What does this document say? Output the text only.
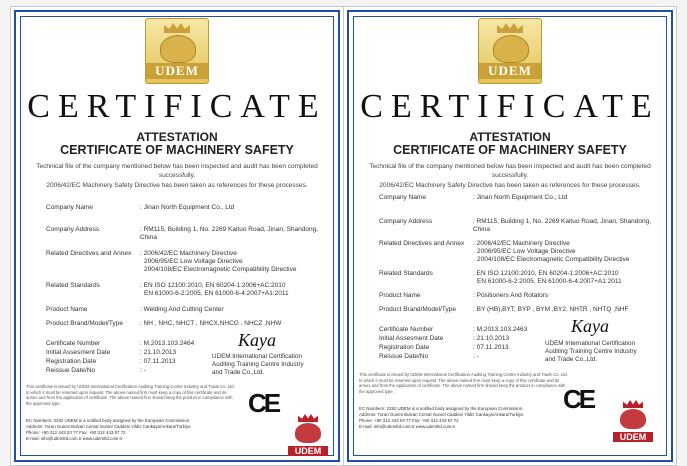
UDEM
CERTIFICATE
ATTESTATION
CERTIFICATE OF MACHINERY SAFETY
Technical file of the company mentioned below has been inspected and audit has been completed successfully.
2006/42/EC Machinery Safety Directive has been taken as references for these processes.
Company Name	: Jinan North Equipment Co., Ltd
Company Address	: RM115, Building 1, No. 2269 Kaituo Road, Jinan, Shandong, China
Related Directives and Annex	: 2006/42/EC Machinery Directive
2006/95/EC Low Voltage Directive
2004/108/EC Electromagnetic Compatibility Directive
Related Standards	: EN ISO 12100:2010, EN 60204-1:2006+AC:2010
EN 61000-6-2:2005, EN 61000-6-4:2007+A1:2011
Product Name	: Welding And Cutting Center
Product Brand/Model/Type	: NH , NHC, NHCT , NHCX,NHCG , NHCZ ,NHW
Certificate Number	: M.2013.103.2464
Initial Assesment Date	: 21.10.2013
Registration Date	: 07.11.2013
Reissue Date/No	: -
Kaya
UDEM International Certification
Auditing Training Centre Industry
and Trade Co.,Ltd.
This certificate is issued by UDEM International Certification Auditing Training Centre Industry and Trade Co. Ltd. to which it must be returned upon request. The above named firm must keep a copy of this certificate and its annex and from the application of certificate. The above named firm should keep the product in compliance with the approved type.	CE
UDEM
EC Numbers: 2292 UDEM is a notified body assigned by the European Commission.
Address: Turan Gunes Bulvari Cemal Gursel Caddesi Yildiz Cankaya/Ankara/Turkiye
Phone: +90 312 443 03 77 Fax: +90 312 443 87 72
E-mail: info@udemltd.com.tr www.udemltd.com.tr
UDEM
CERTIFICATE
ATTESTATION
CERTIFICATE OF MACHINERY SAFETY
Technical file of the company mentioned below has been inspected and audit has been completed successfully.
2006/42/EC Machinery Safety Directive has been taken as references for these processes.
Company Name	: Jinan North Equipment Co., Ltd
Company Address	: RM115, Building 1, No. 2269 Kaituo Road, Jinan, Shandong, China
Related Directives and Annex	: 2006/42/EC Machinery Directive
2006/95/EC Low Voltage Directive
2004/108/EC Electromagnetic Compatibility Directive
Related Standards	: EN ISO 12100:2010, EN 60204-1:2006+AC:2010
EN 61000-6-2:2005, EN 61000-6-4:2007+A1:2011
Product Name	: Positioners And Rotators
Product Brand/Model/Type	: BY (HB),BYT, BYP , BYM ,BY2, NHTR , NHTQ ,NHF
Certificate Number	: M.2013.103.2463
Initial Assesment Date	: 21.10.2013
Registration Date	: 07.11.2013
Reissue Date/No	: -
Kaya
UDEM International Certification
Auditing Training Centre Industry
and Trade Co.,Ltd.
This certificate is issued by UDEM International Certification Auditing Training Centre Industry and Trade Co. Ltd. to which it must be returned upon request. The above named firm must keep a copy of this certificate and its annex and from the application of certificate. The above named firm should keep the product in compliance with the approved type.	CE
UDEM
EC Numbers: 2292 UDEM is a notified body assigned by the European Commission.
Address: Turan Gunes Bulvari Cemal Gursel Caddesi Yildiz Cankaya/Ankara/Turkiye
Phone: +90 312 443 03 77 Fax: +90 312 443 87 72
E-mail: info@udemltd.com.tr www.udemltd.com.tr
